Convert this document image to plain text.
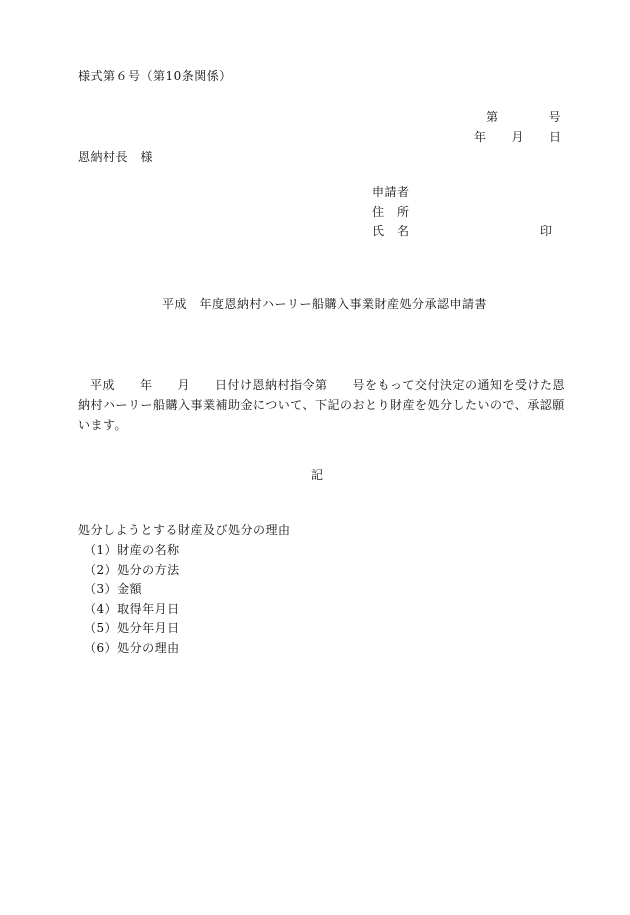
様式第６号（第10条関係）
第　　　　号
年　　月　　日
恩納村長　様
申請者
住　所
氏　名	印
平成　年度恩納村ハーリー船購入事業財産処分承認申請書

平成　　年　　月　　日付け恩納村指令第　　号をもって交付決定の通知を受けた恩納村ハーリー船購入事業補助金について、下記のおとり財産を処分したいので、承認願います。

記
処分しようとする財産及び処分の理由
（1）財産の名称
（2）処分の方法
（3）金額
（4）取得年月日
（5）処分年月日
（6）処分の理由
